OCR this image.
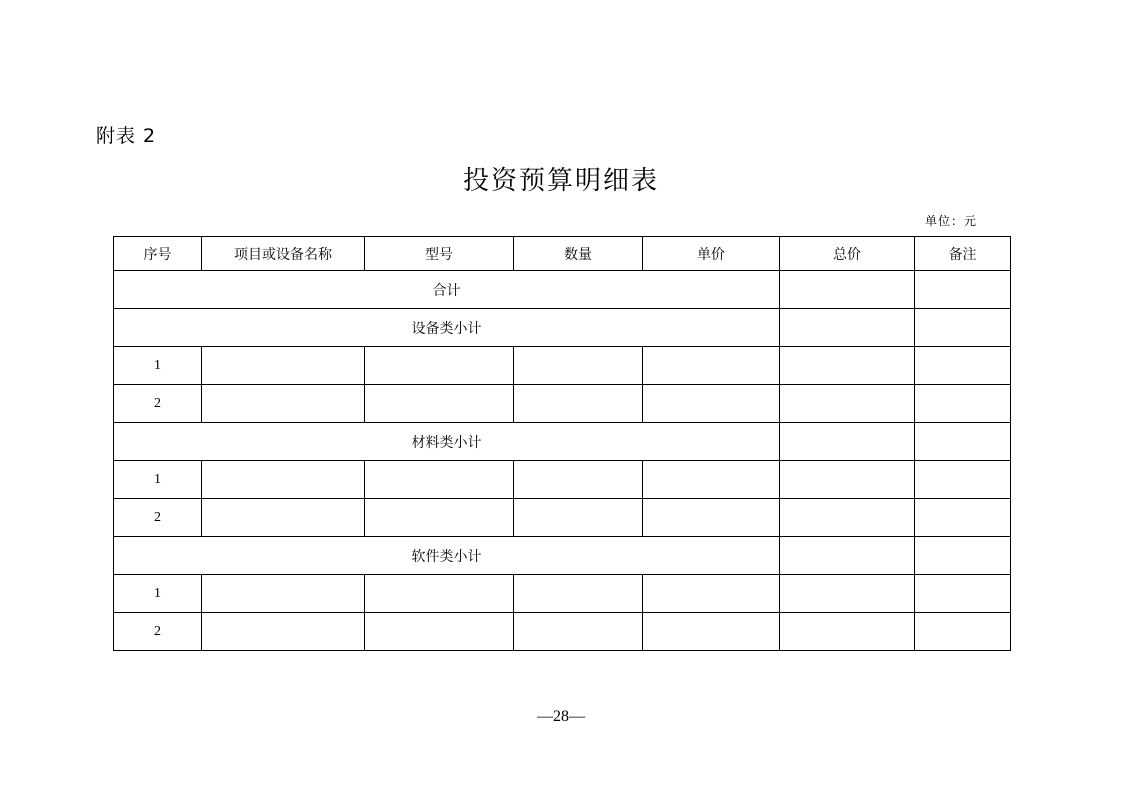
附表 2
投资预算明细表
单位：元
序号	项目或设备名称	型号	数量	单价	总价	备注
合计						
设备类小计						
1						
2						
材料类小计						
1						
2						
软件类小计						
1						
2						
—28—
